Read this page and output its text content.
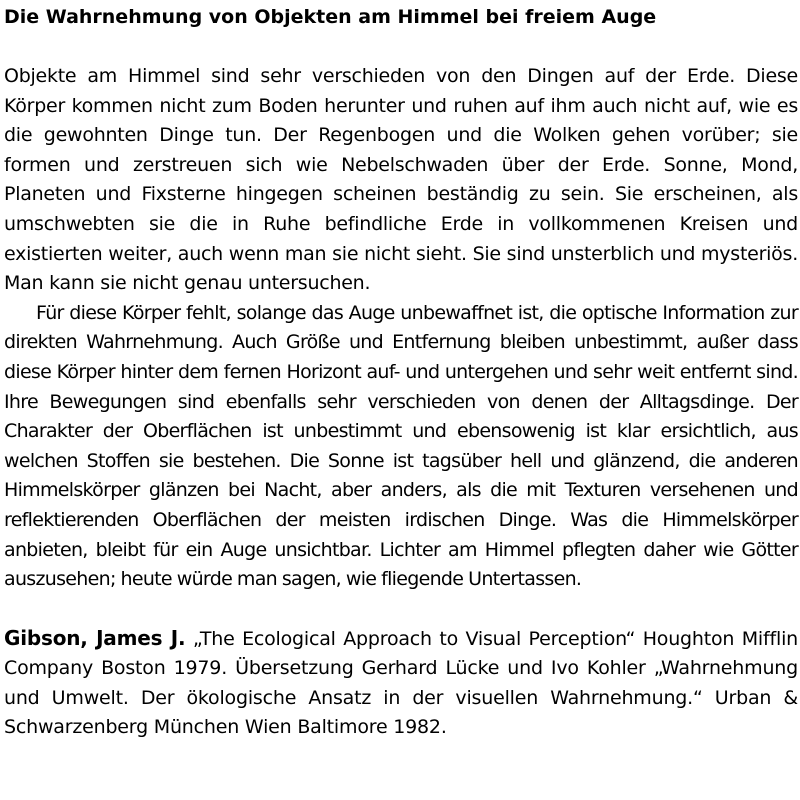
Die Wahrnehmung von Objekten am Himmel bei freiem Auge

Objekte am Himmel sind sehr verschieden von den Dingen auf der Erde. Diese Körper kommen nicht zum Boden herunter und ruhen auf ihm auch nicht auf, wie es die gewohnten Dinge tun. Der Regenbogen und die Wolken gehen vorüber; sie formen und zerstreuen sich wie Nebelschwaden über der Erde. Sonne, Mond, Planeten und Fixsterne hingegen scheinen beständig zu sein. Sie erscheinen, als umschwebten sie die in Ruhe befindliche Erde in vollkommenen Kreisen und existierten weiter, auch wenn man sie nicht sieht. Sie sind unsterblich und mysteriös. Man kann sie nicht genau untersuchen.

Für diese Körper fehlt, solange das Auge unbewaffnet ist, die optische Information zur direkten Wahrnehmung. Auch Größe und Entfernung bleiben unbestimmt, außer dass diese Körper hinter dem fernen Horizont auf- und untergehen und sehr weit entfernt sind. Ihre Bewegungen sind ebenfalls sehr verschieden von denen der Alltagsdinge. Der Charakter der Oberflächen ist unbestimmt und ebensowenig ist klar ersichtlich, aus welchen Stoffen sie bestehen. Die Sonne ist tagsüber hell und glänzend, die anderen Himmelskörper glänzen bei Nacht, aber anders, als die mit Texturen versehenen und reflektierenden Oberflächen der meisten irdischen Dinge. Was die Himmelskörper anbieten, bleibt für ein Auge unsichtbar. Lichter am Himmel pflegten daher wie Götter auszusehen; heute würde man sagen, wie fliegende Untertassen.

Gibson, James J. „The Ecological Approach to Visual Perception“ Houghton Mifflin Company Boston 1979. Übersetzung Gerhard Lücke und Ivo Kohler „Wahrnehmung und Umwelt. Der ökologische Ansatz in der visuellen Wahrnehmung.“ Urban & Schwarzenberg München Wien Baltimore 1982.
